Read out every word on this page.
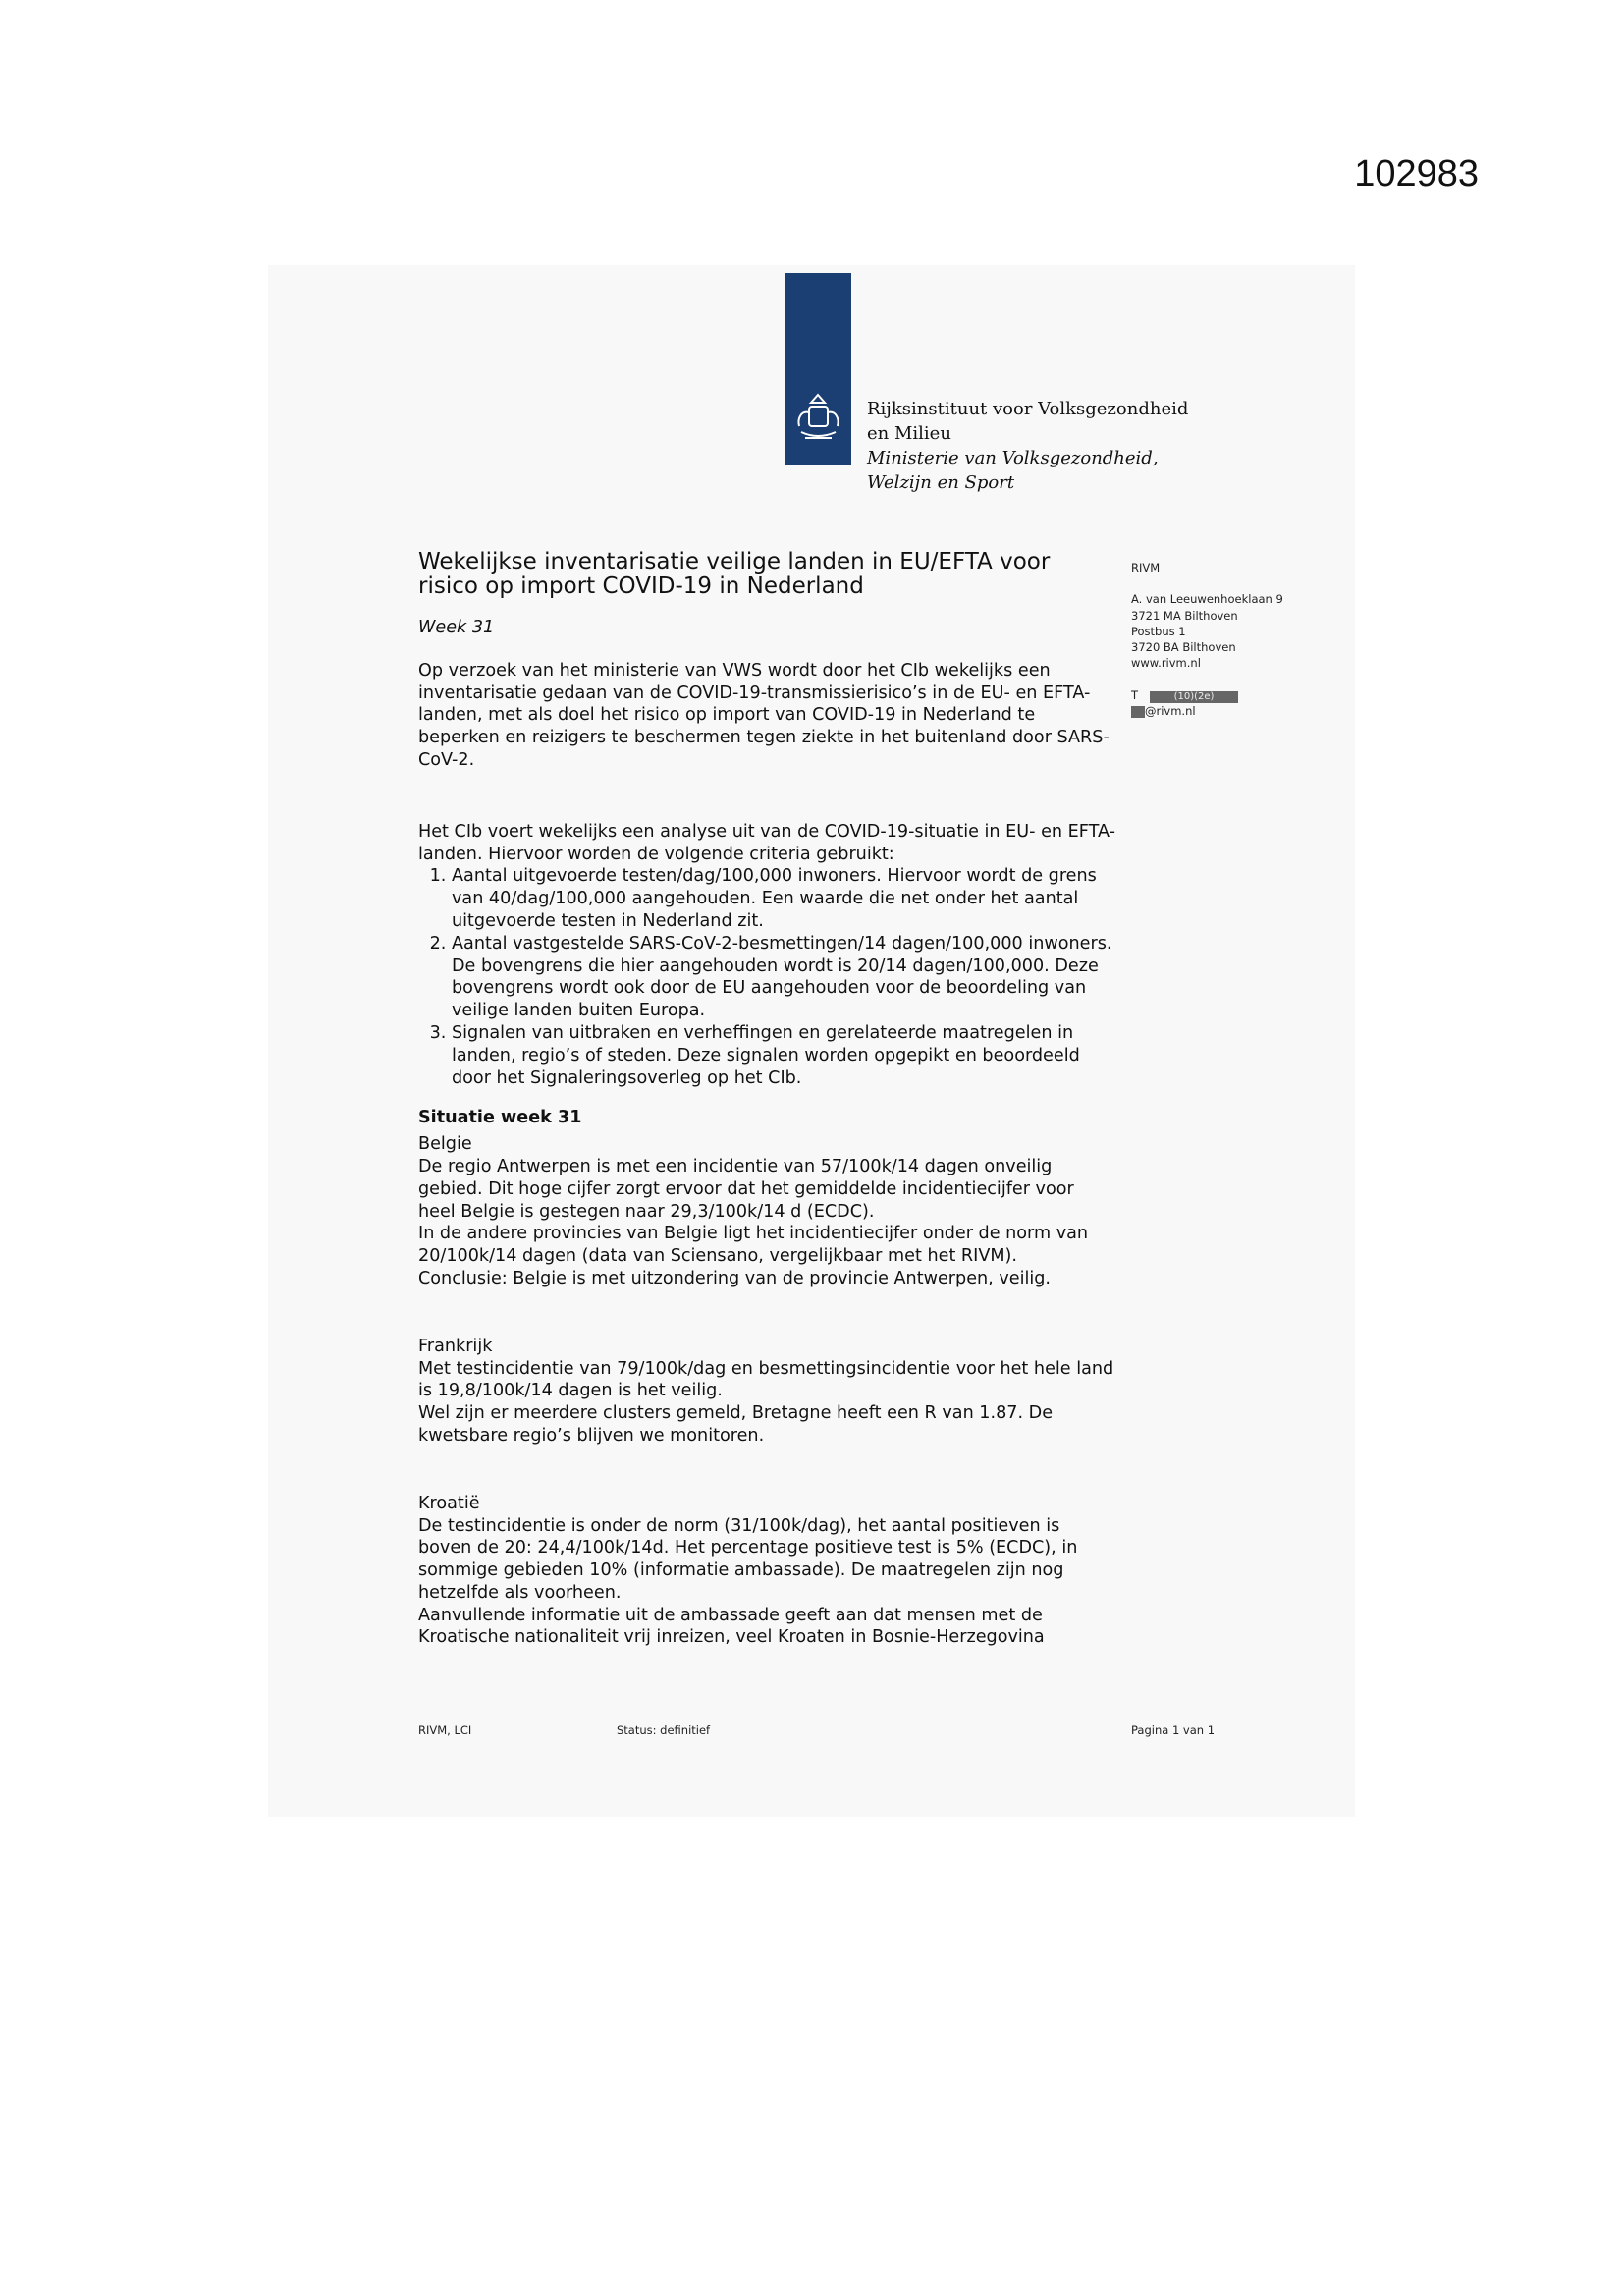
102983
Rijksinstituut voor Volksgezondheid
en Milieu
Ministerie van Volksgezondheid,
Welzijn en Sport
Wekelijkse inventarisatie veilige landen in EU/EFTA voor risico op import COVID-19 in Nederland

Week 31

Op verzoek van het ministerie van VWS wordt door het CIb wekelijks een inventarisatie gedaan van de COVID-19-transmissierisico’s in de EU- en EFTA-landen, met als doel het risico op import van COVID-19 in Nederland te beperken en reizigers te beschermen tegen ziekte in het buitenland door SARS-CoV-2.

Het CIb voert wekelijks een analyse uit van de COVID-19-situatie in EU- en EFTA-landen. Hiervoor worden de volgende criteria gebruikt:

1. Aantal uitgevoerde testen/dag/100,000 inwoners. Hiervoor wordt de grens van 40/dag/100,000 aangehouden. Een waarde die net onder het aantal uitgevoerde testen in Nederland zit.
2. Aantal vastgestelde SARS-CoV-2-besmettingen/14 dagen/100,000 inwoners. De bovengrens die hier aangehouden wordt is 20/14 dagen/100,000. Deze bovengrens wordt ook door de EU aangehouden voor de beoordeling van veilige landen buiten Europa.
3. Signalen van uitbraken en verheffingen en gerelateerde maatregelen in landen, regio’s of steden. Deze signalen worden opgepikt en beoordeeld door het Signaleringsoverleg op het CIb.
Situatie week 31
Belgie
De regio Antwerpen is met een incidentie van 57/100k/14 dagen onveilig gebied. Dit hoge cijfer zorgt ervoor dat het gemiddelde incidentiecijfer voor heel Belgie is gestegen naar 29,3/100k/14 d (ECDC).
In de andere provincies van Belgie ligt het incidentiecijfer onder de norm van 20/100k/14 dagen (data van Sciensano, vergelijkbaar met het RIVM).
Conclusie: Belgie is met uitzondering van de provincie Antwerpen, veilig.
Frankrijk
Met testincidentie van 79/100k/dag en besmettingsincidentie voor het hele land is 19,8/100k/14 dagen is het veilig.
Wel zijn er meerdere clusters gemeld, Bretagne heeft een R van 1.87. De kwetsbare regio’s blijven we monitoren.
Kroatië
De testincidentie is onder de norm (31/100k/dag), het aantal positieven is boven de 20: 24,4/100k/14d. Het percentage positieve test is 5% (ECDC), in sommige gebieden 10% (informatie ambassade). De maatregelen zijn nog hetzelfde als voorheen.
Aanvullende informatie uit de ambassade geeft aan dat mensen met de Kroatische nationaliteit vrij inreizen, veel Kroaten in Bosnie-Herzegovina
RIVM
A. van Leeuwenhoeklaan 9
3721 MA Bilthoven
Postbus 1
3720 BA Bilthoven
www.rivm.nl
T	(10)(2e)
@rivm.nl
RIVM, LCI	Status: definitief	Pagina 1 van 1
